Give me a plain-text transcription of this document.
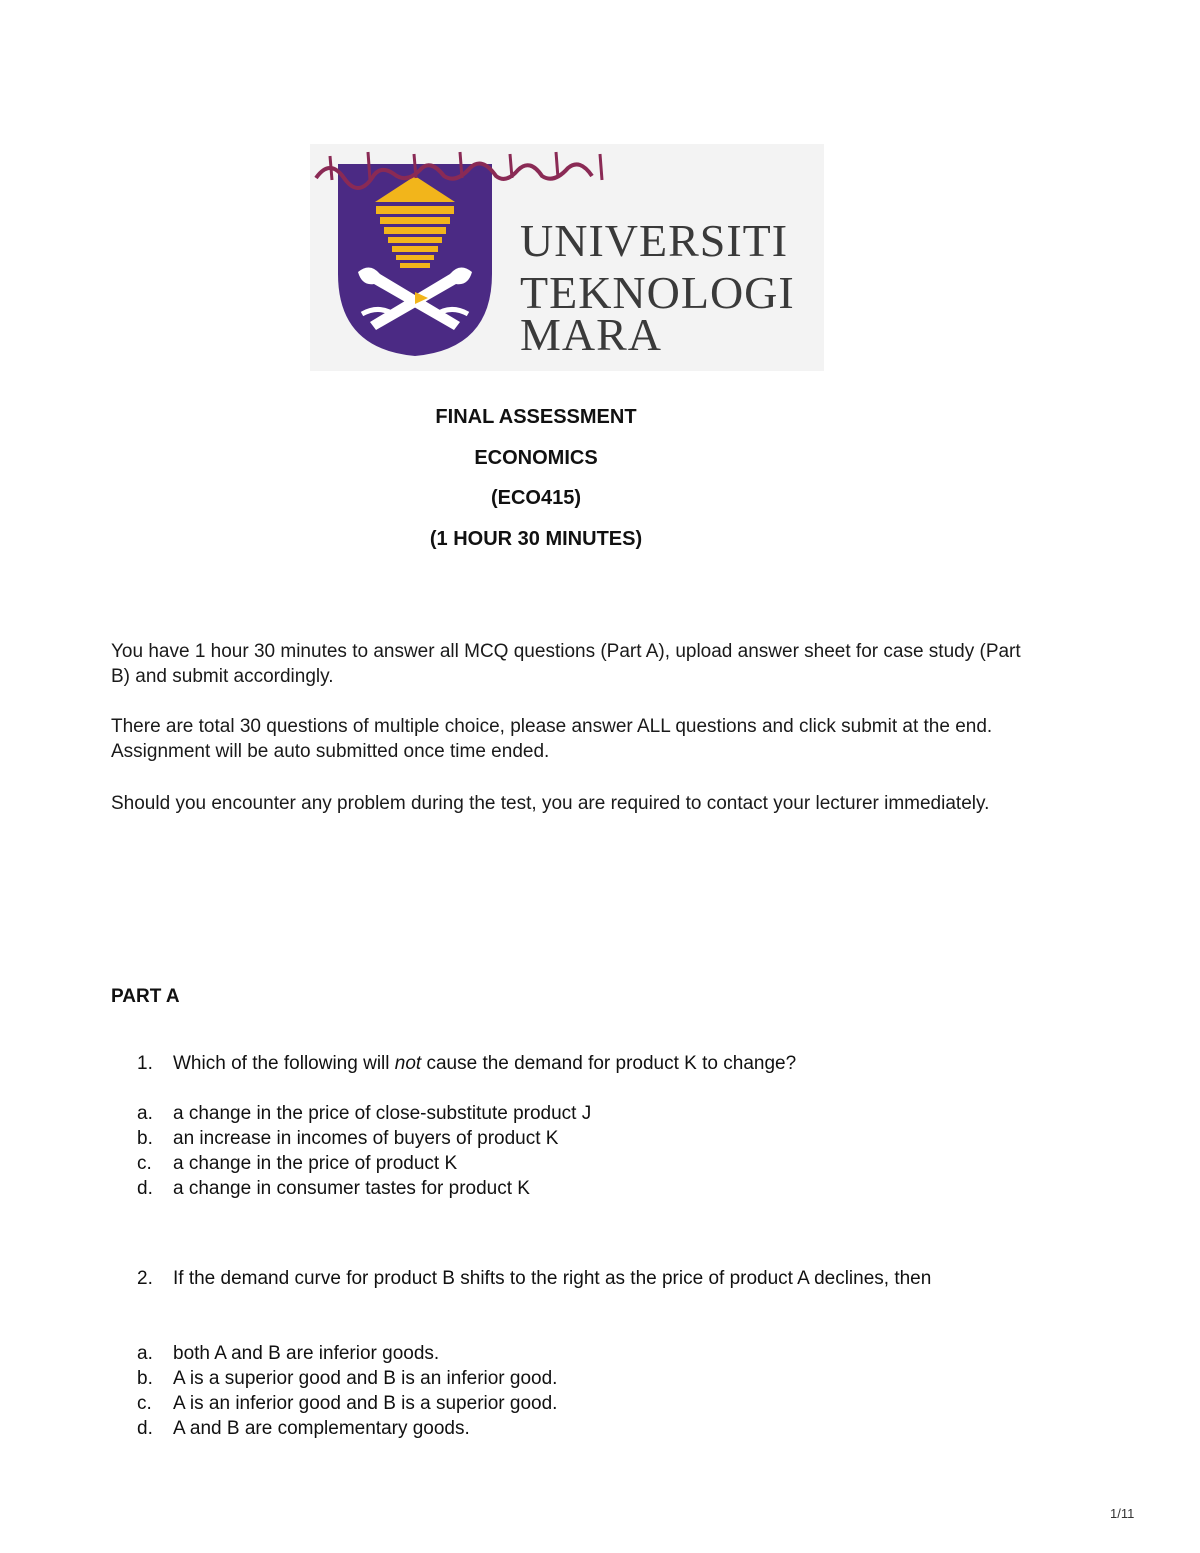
UNIVERSITI
TEKNOLOGI
MARA
FINAL ASSESSMENT
ECONOMICS
(ECO415)
(1 HOUR 30 MINUTES)
You have 1 hour 30 minutes to answer all MCQ questions (Part A), upload answer sheet for case study (Part B) and submit accordingly.
There are total 30 questions of multiple choice, please answer ALL questions and click submit at the end. Assignment will be auto submitted once time ended.
Should you encounter any problem during the test, you are required to contact your lecturer immediately.
PART A
1. Which of the following will not cause the demand for product K to change?
a. a change in the price of close-substitute product J
b. an increase in incomes of buyers of product K
c. a change in the price of product K
d. a change in consumer tastes for product K
2. If the demand curve for product B shifts to the right as the price of product A declines, then
a. both A and B are inferior goods.
b. A is a superior good and B is an inferior good.
c. A is an inferior good and B is a superior good.
d. A and B are complementary goods.
1/11
